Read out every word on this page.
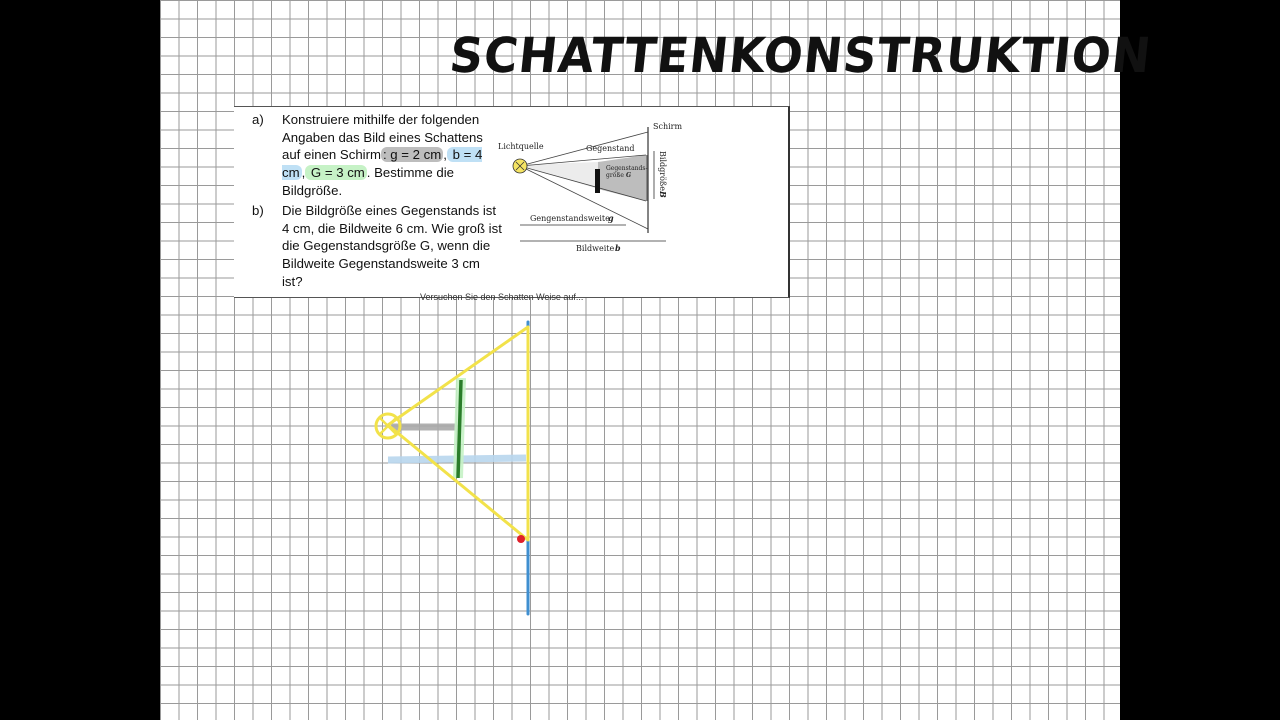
SCHATTENKONSTRUKTION
a) Konstruiere mithilfe der folgenden Angaben das Bild eines Schattens auf einen Schirm : g = 2 cm , b = 4 cm , G = 3 cm . Bestimme die Bildgröße.
b) Die Bildgröße eines Gegenstands ist 4 cm, die Bildweite 6 cm. Wie groß ist die Gegenstandsgröße G, wenn die Bildweite Gegenstandsweite 3 cm ist?
Lichtquelle	Gegenstand
Gegenstands-
größe G
Schirm
Bildgröße
B
Gengenstandsweite
g
Bildweite b
Versuchen Sie den Schatten Weise auf...
